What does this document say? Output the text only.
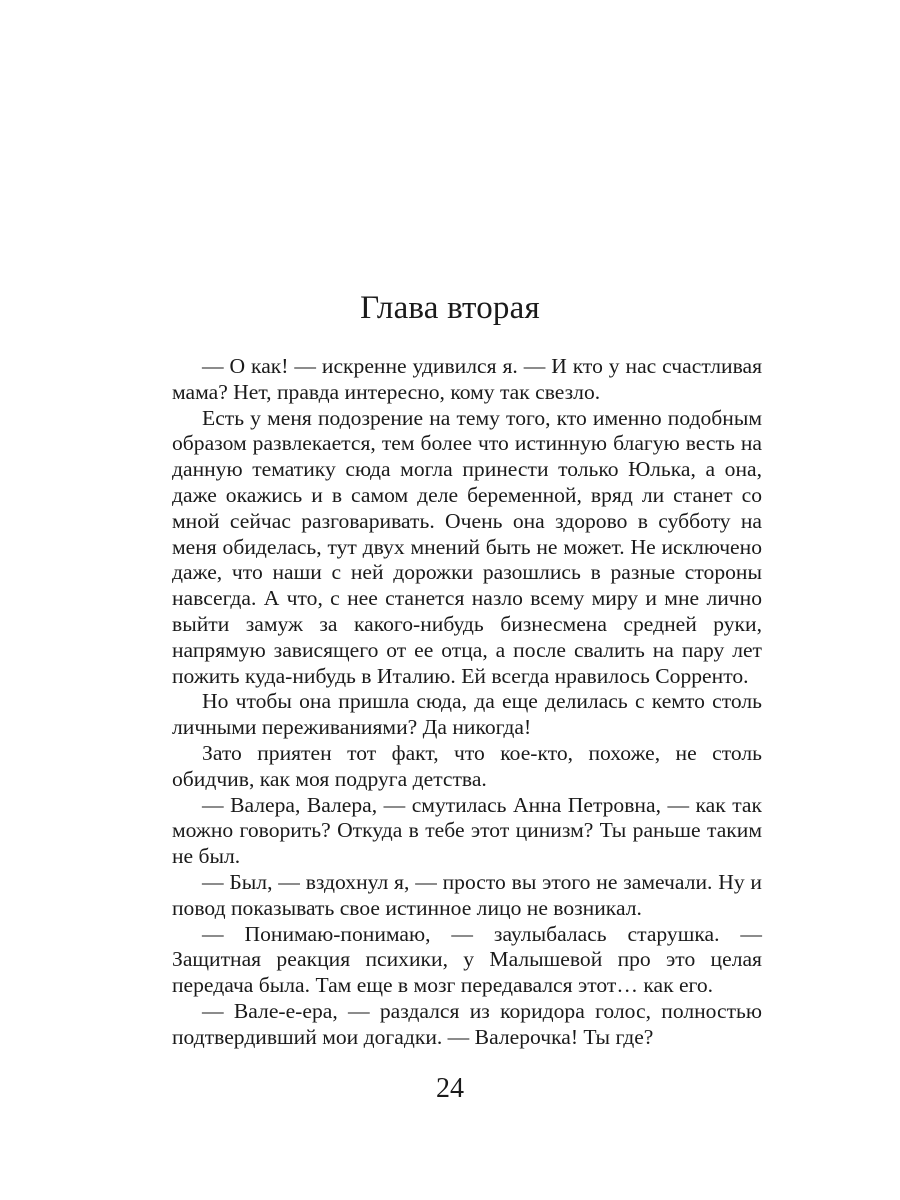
Глава вторая

— О как! — искренне удивился я. — И кто у нас счастливая мама? Нет, правда интересно, кому так свезло.

Есть у меня подозрение на тему того, кто именно подобным образом развлекается, тем более что истинную благую весть на данную тематику сюда могла принести только Юлька, а она, даже окажись и в самом деле беременной, вряд ли станет со мной сейчас разговаривать. Очень она здорово в субботу на меня обиделась, тут двух мнений быть не может. Не исключено даже, что наши с ней дорожки разошлись в разные стороны навсегда. А что, с нее станется назло всему миру и мне лично выйти замуж за какого-нибудь бизнесмена средней руки, напрямую зависящего от ее отца, а после свалить на пару лет пожить куда-нибудь в Италию. Ей всегда нравилось Сорренто.

Но чтобы она пришла сюда, да еще делилась с кемто столь личными переживаниями? Да никогда!

Зато приятен тот факт, что кое-кто, похоже, не столь обидчив, как моя подруга детства.

— Валера, Валера, — смутилась Анна Петровна, — как так можно говорить? Откуда в тебе этот цинизм? Ты раньше таким не был.

— Был, — вздохнул я, — просто вы этого не замечали. Ну и повод показывать свое истинное лицо не возникал.

— Понимаю-понимаю, — заулыбалась старушка. — Защитная реакция психики, у Малышевой про это целая передача была. Там еще в мозг передавался этот… как его.

— Вале-е-ера, — раздался из коридора голос, полностью подтвердивший мои догадки. — Валерочка! Ты где?

24
